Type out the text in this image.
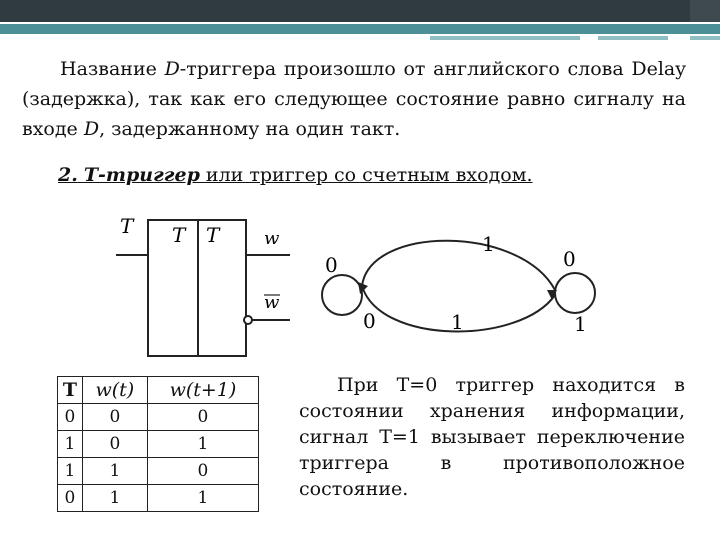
Название D-триггера произошло от английского слова Delay (задержка), так как его следующее состояние равно сигналу на входе D, задержанному на один такт.

2. Т-триггер или триггер со счетным входом.
T T T w
w
0
1
0
0	1	1
T	w(t)	w(t+1)
0	0	0
1	0	1
1	1	0
0	1	1

При Т=0 триггер находится в состоянии хранения информации, сигнал Т=1 вызывает переключение триггера в противоположное состояние.
